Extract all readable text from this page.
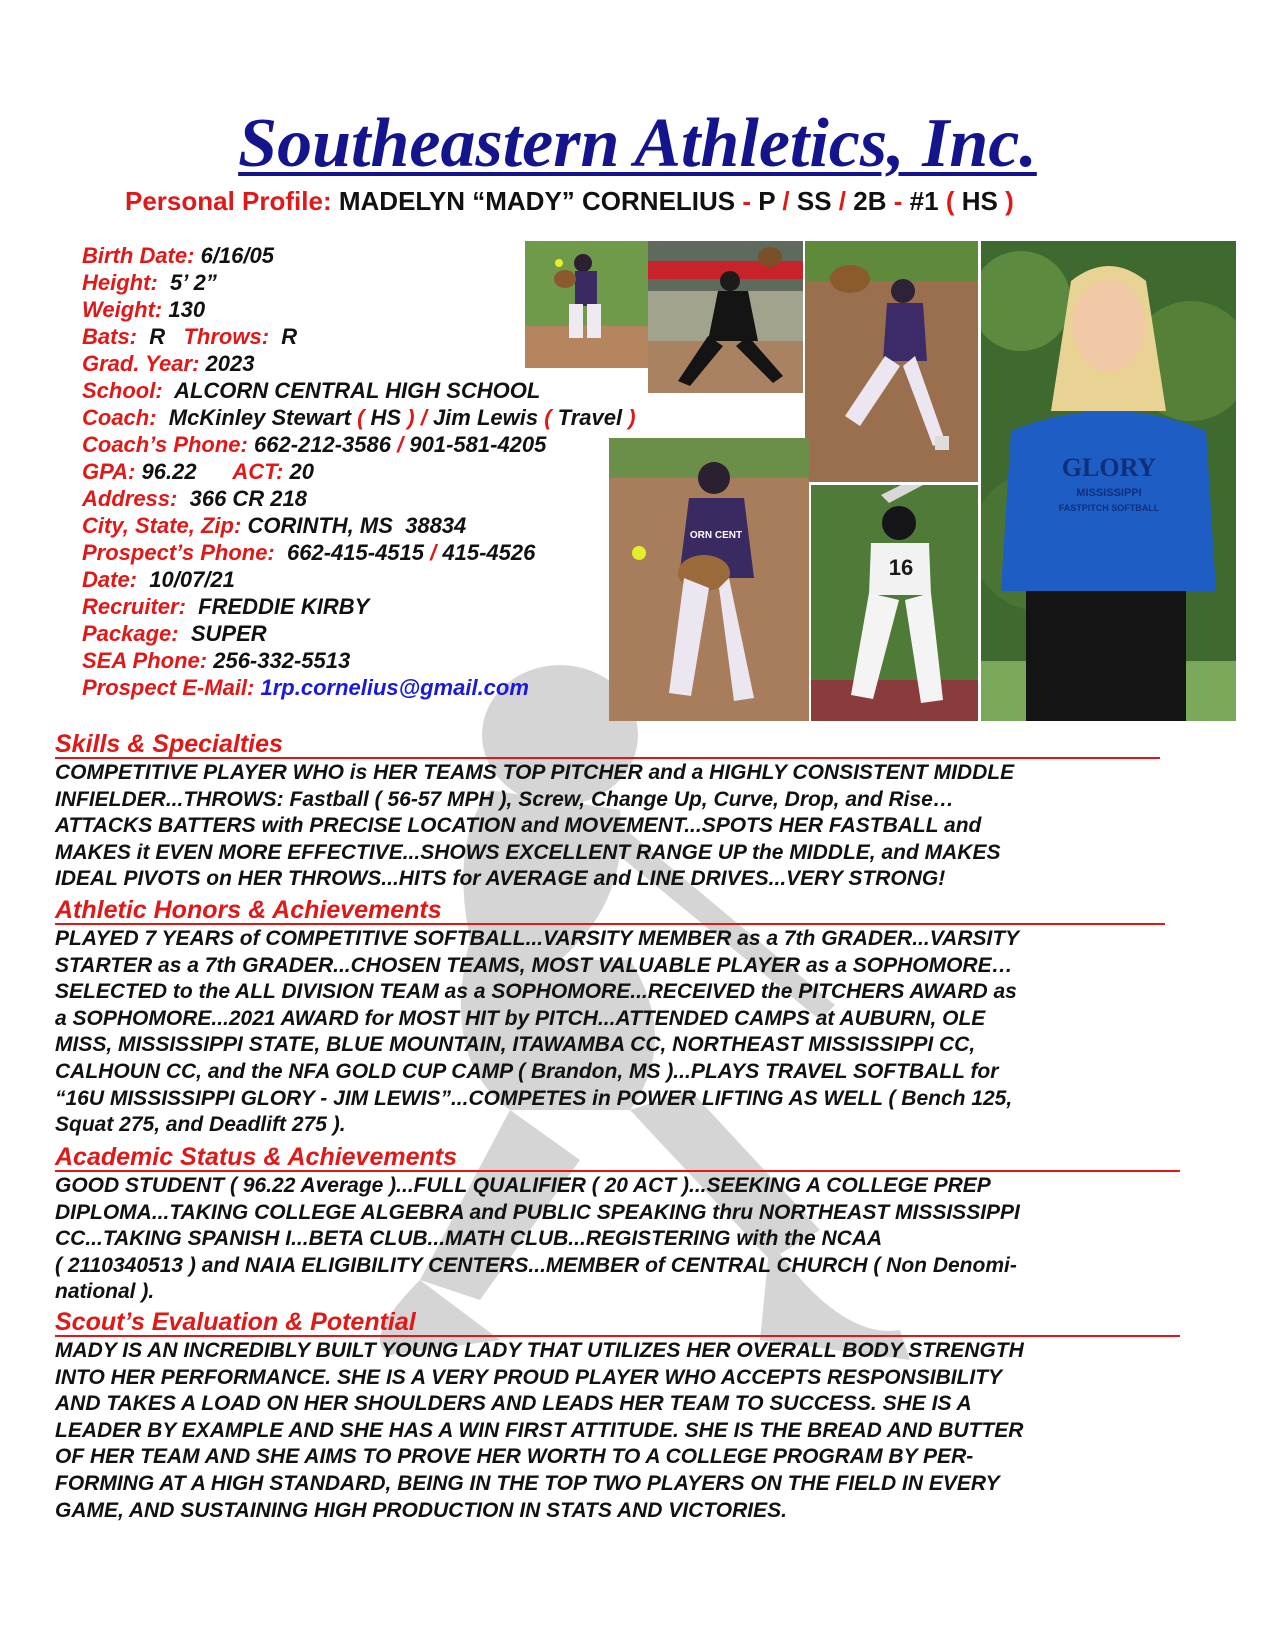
Southeastern Athletics, Inc.
Personal Profile: MADELYN “MADY” CORNELIUS - P / SS / 2B - #1 ( HS )
Birth Date: 6/16/05
Height: 5’ 2”
Weight: 130
Bats: R Throws: R
Grad. Year: 2023
School: ALCORN CENTRAL HIGH SCHOOL
Coach: McKinley Stewart ( HS ) / Jim Lewis ( Travel )
Coach’s Phone: 662-212-3586 / 901-581-4205
GPA: 96.22 ACT: 20
Address: 366 CR 218
City, State, Zip: CORINTH, MS  38834
Prospect’s Phone: 662-415-4515 / 415-4526
Date: 10/07/21
Recruiter: FREDDIE KIRBY
Package: SUPER
SEA Phone: 256-332-5513
Prospect E-Mail: 1rp.cornelius@gmail.com
GLORY
MISSISSIPPI
FASTPITCH SOFTBALL
ORN CENT
16
Skills & Specialties

COMPETITIVE PLAYER WHO is HER TEAMS TOP PITCHER and a HIGHLY CONSISTENT MIDDLE

INFIELDER...THROWS: Fastball ( 56-57 MPH ), Screw, Change Up, Curve, Drop, and Rise…

ATTACKS BATTERS with PRECISE LOCATION and MOVEMENT...SPOTS HER FASTBALL and

MAKES it EVEN MORE EFFECTIVE...SHOWS EXCELLENT RANGE UP the MIDDLE, and MAKES

IDEAL PIVOTS on HER THROWS...HITS for AVERAGE and LINE DRIVES...VERY STRONG!

Athletic Honors & Achievements

PLAYED 7 YEARS of COMPETITIVE SOFTBALL...VARSITY MEMBER as a 7th GRADER...VARSITY

STARTER as a 7th GRADER...CHOSEN TEAMS, MOST VALUABLE PLAYER as a SOPHOMORE…

SELECTED to the ALL DIVISION TEAM as a SOPHOMORE...RECEIVED the PITCHERS AWARD as

a SOPHOMORE...2021 AWARD for MOST HIT by PITCH...ATTENDED CAMPS at AUBURN, OLE

MISS, MISSISSIPPI STATE, BLUE MOUNTAIN, ITAWAMBA CC, NORTHEAST MISSISSIPPI CC,

CALHOUN CC, and the NFA GOLD CUP CAMP ( Brandon, MS )...PLAYS TRAVEL SOFTBALL for

“16U MISSISSIPPI GLORY - JIM LEWIS”...COMPETES in POWER LIFTING AS WELL ( Bench 125,

Squat 275, and Deadlift 275 ).

Academic Status & Achievements

GOOD STUDENT ( 96.22 Average )...FULL QUALIFIER ( 20 ACT )...SEEKING A COLLEGE PREP

DIPLOMA...TAKING COLLEGE ALGEBRA and PUBLIC SPEAKING thru NORTHEAST MISSISSIPPI

CC...TAKING SPANISH I...BETA CLUB...MATH CLUB...REGISTERING with the NCAA

( 2110340513 ) and NAIA ELIGIBILITY CENTERS...MEMBER of CENTRAL CHURCH ( Non Denomi-

national ).

Scout’s Evaluation & Potential

MADY IS AN INCREDIBLY BUILT YOUNG LADY THAT UTILIZES HER OVERALL BODY STRENGTH

INTO HER PERFORMANCE. SHE IS A VERY PROUD PLAYER WHO ACCEPTS RESPONSIBILITY

AND TAKES A LOAD ON HER SHOULDERS AND LEADS HER TEAM TO SUCCESS. SHE IS A

LEADER BY EXAMPLE AND SHE HAS A WIN FIRST ATTITUDE. SHE IS THE BREAD AND BUTTER

OF HER TEAM AND SHE AIMS TO PROVE HER WORTH TO A COLLEGE PROGRAM BY PER-

FORMING AT A HIGH STANDARD, BEING IN THE TOP TWO PLAYERS ON THE FIELD IN EVERY

GAME, AND SUSTAINING HIGH PRODUCTION IN STATS AND VICTORIES.
